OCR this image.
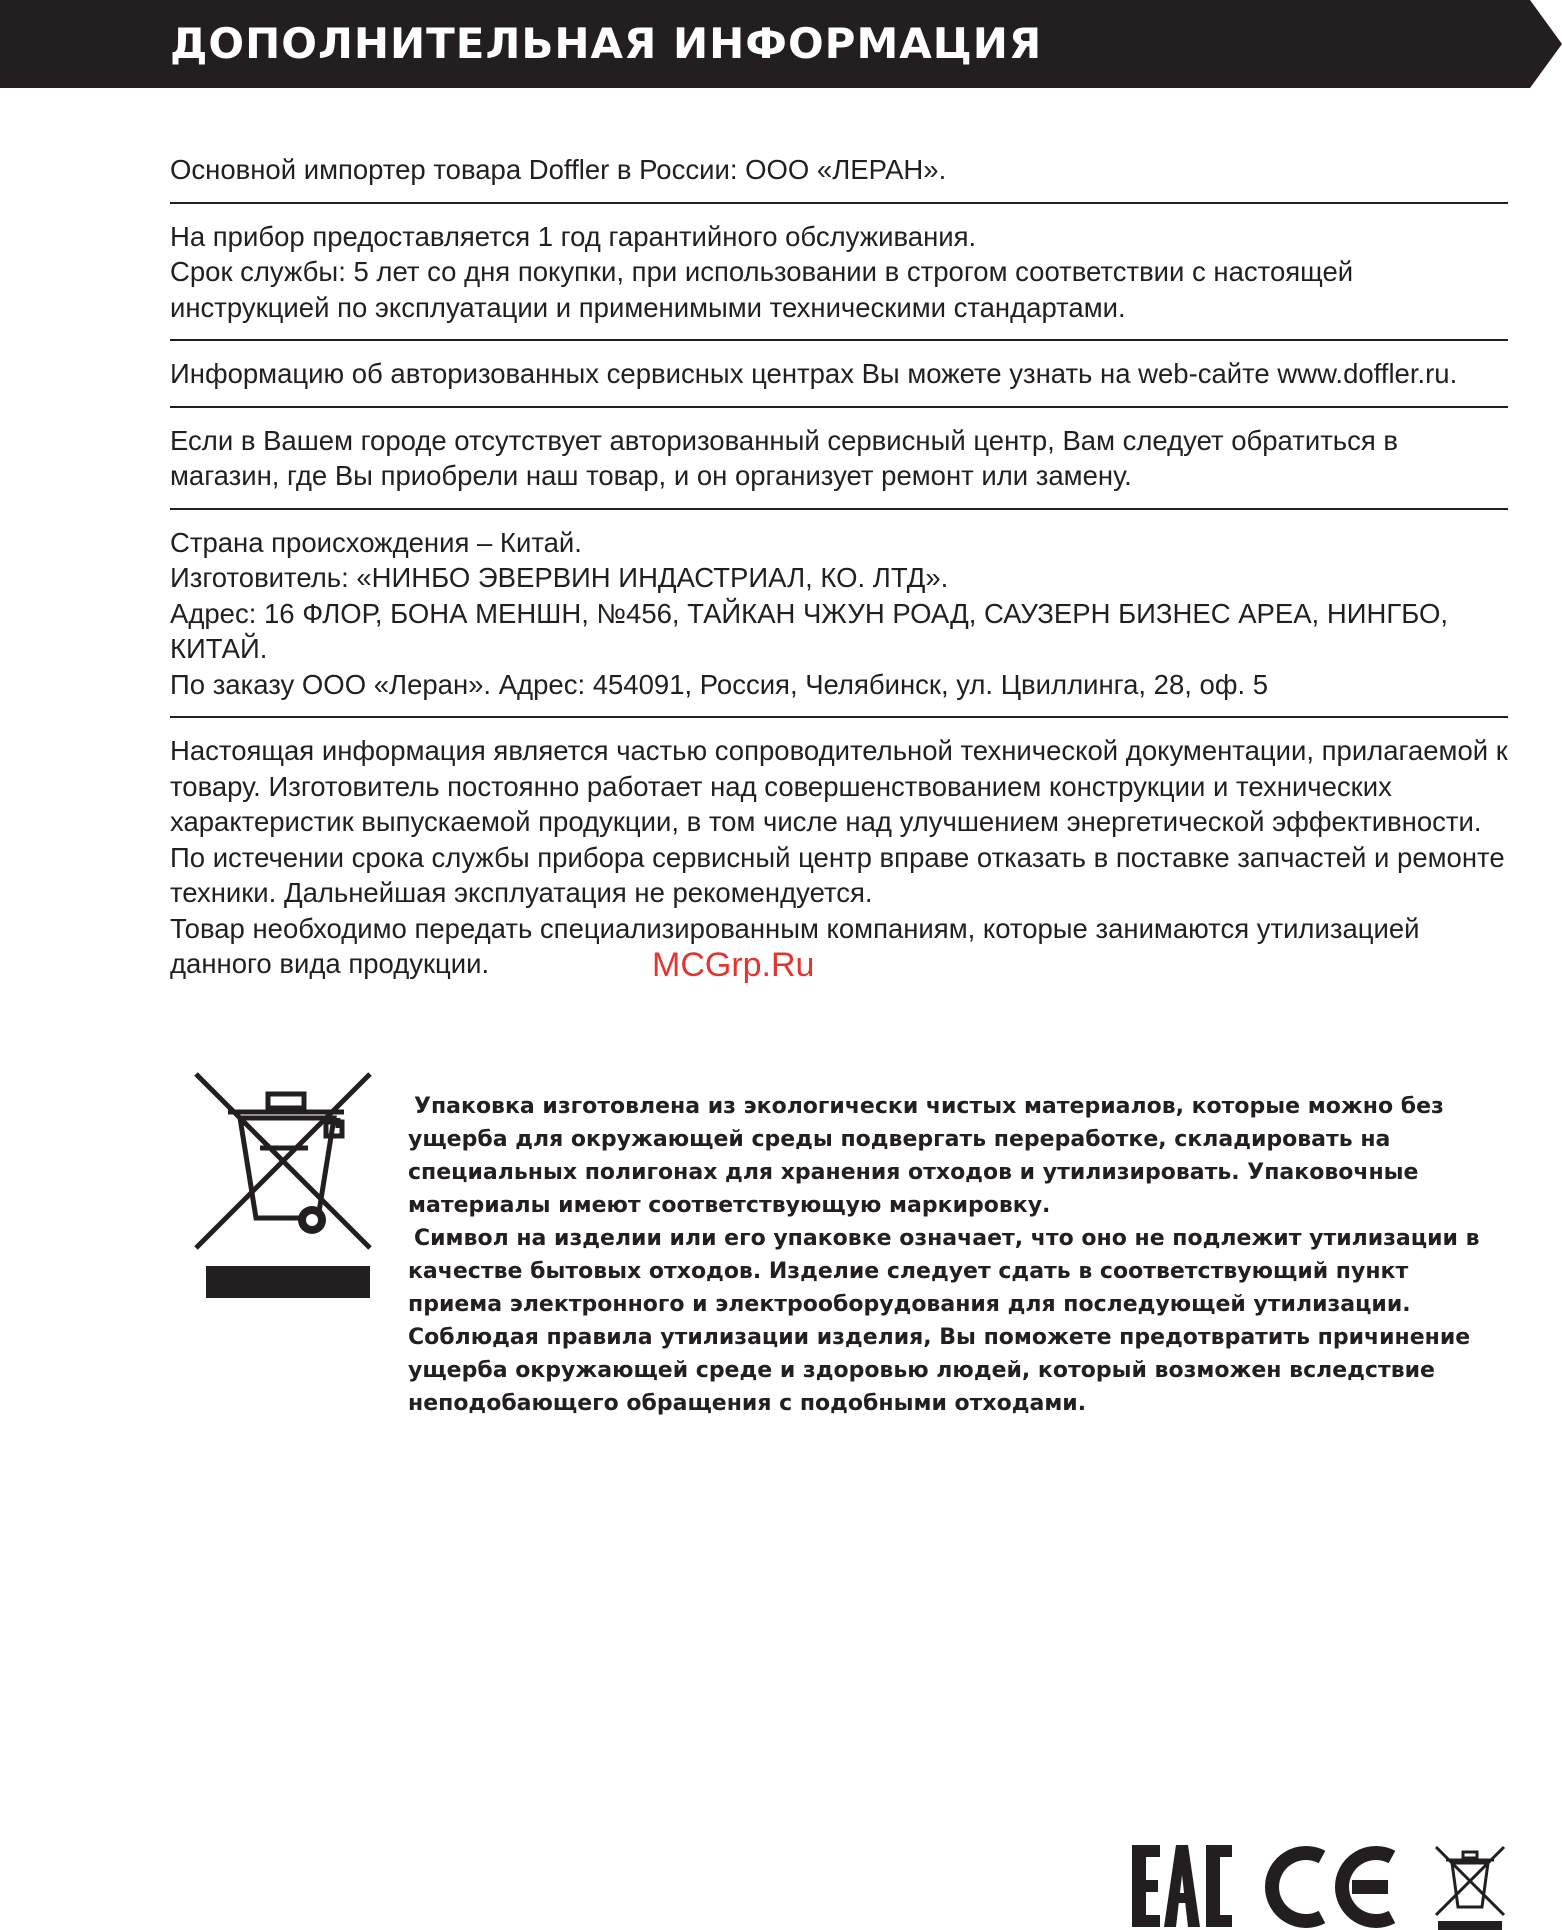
ДОПОЛНИТЕЛЬНАЯ ИНФОРМАЦИЯ

Основной импортер товара Doffler в России: ООО «ЛЕРАН».

На прибор предоставляется 1 год гарантийного обслуживания.

Срок службы: 5 лет со дня покупки, при использовании в строгом соответствии с настоящей инструкцией по эксплуатации и применимыми техническими стандартами.

Информацию об авторизованных сервисных центрах Вы можете узнать на web-сайте www.doffler.ru.

Если в Вашем городе отсутствует авторизованный сервисный центр, Вам следует обратиться в магазин, где Вы приобрели наш товар, и он организует ремонт или замену.

Страна происхождения – Китай.

Изготовитель: «НИНБО ЭВЕРВИН ИНДАСТРИАЛ, КО. ЛТД».

Адрес: 16 ФЛОР, БОНА МЕНШН, №456, ТАЙКАН ЧЖУН РОАД, САУЗЕРН БИЗНЕС АРЕА, НИНГБО, КИТАЙ.

По заказу ООО «Леран». Адрес: 454091, Россия, Челябинск, ул. Цвиллинга, 28, оф. 5

Настоящая информация является частью сопроводительной технической документации, прилагаемой к товару. Изготовитель постоянно работает над совершенствованием конструкции и технических характеристик выпускаемой продукции, в том числе над улучшением энергетической эффективности. По истечении срока службы прибора сервисный центр вправе отказать в поставке запчастей и ремонте техники. Дальнейшая эксплуатация не рекомендуется.

Товар необходимо передать специализированным компаниям, которые занимаются утилизацией данного вида продукции.	MCGrp.Ru

Упаковка изготовлена из экологически чистых материалов, которые можно без ущерба для окружающей среды подвергать переработке, складировать на специальных полигонах для хранения отходов и утилизировать. Упаковочные материалы имеют соответствующую маркировку.

Символ на изделии или его упаковке означает, что оно не подлежит утилизации в качестве бытовых отходов. Изделие следует сдать в соответствующий пункт приема электронного и электрооборудования для последующей утилизации. Соблюдая правила утилизации изделия, Вы поможете предотвратить причинение ущерба окружающей среде и здоровью людей, который возможен вследствие неподобающего обращения с подобными отходами.
